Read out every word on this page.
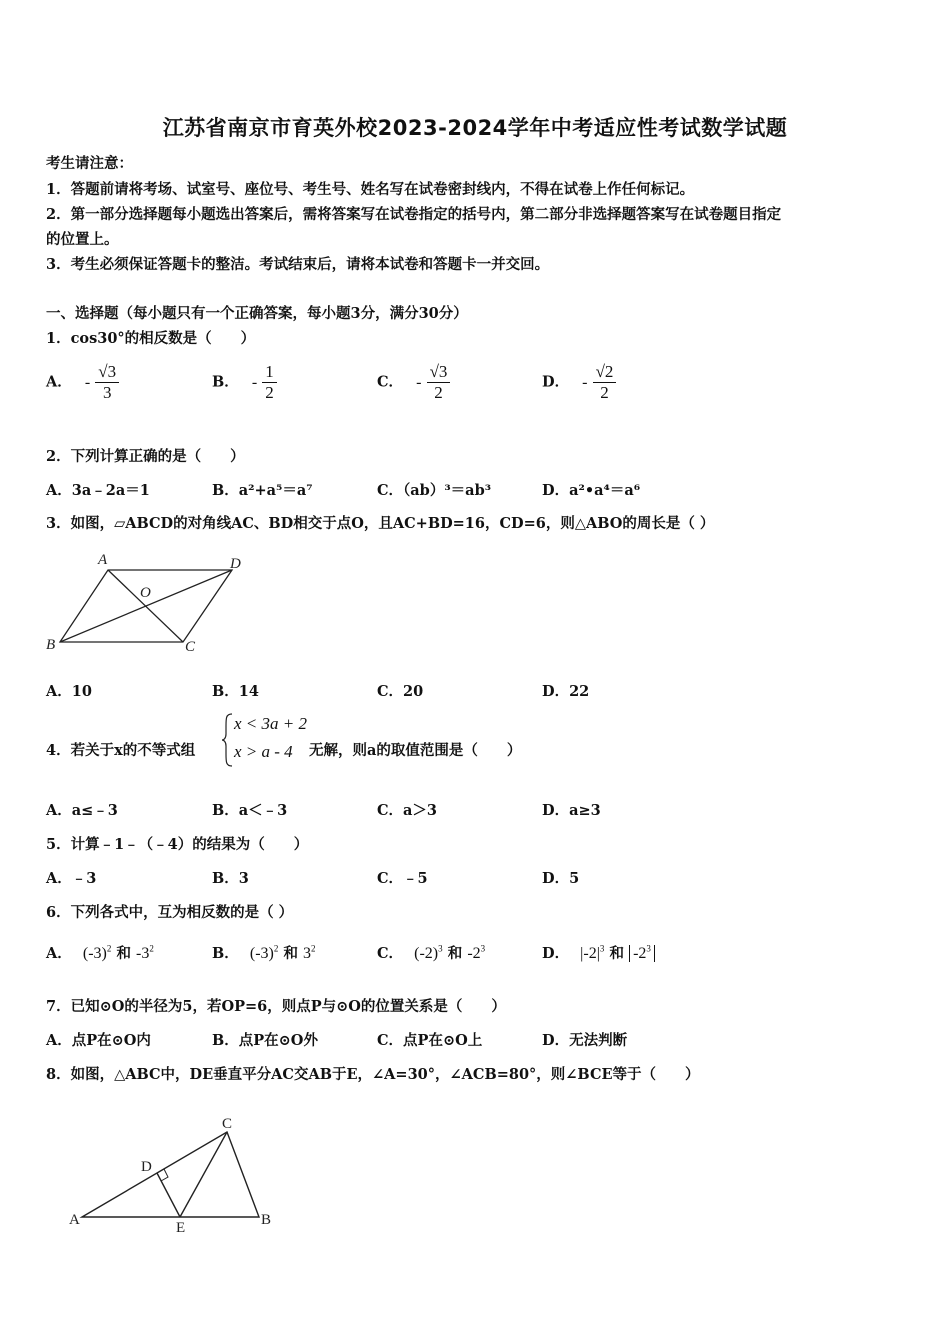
江苏省南京市育英外校2023-2024学年中考适应性考试数学试题
考生请注意：
1．答题前请将考场、试室号、座位号、考生号、姓名写在试卷密封线内，不得在试卷上作任何标记。
2．第一部分选择题每小题选出答案后，需将答案写在试卷指定的括号内，第二部分非选择题答案写在试卷题目指定
的位置上。
3．考生必须保证答题卡的整洁。考试结束后，请将本试卷和答题卡一并交回。
一、选择题（每小题只有一个正确答案，每小题3分，满分30分）
1．cos30°的相反数是（　　）
A． - $\frac{√3}{3}$	B． - $\frac{1}{2}$	C． - $\frac{√3}{2}$	D． - $\frac{√2}{2}$
2．下列计算正确的是（　　）
A．3a﹣2a＝1	B．a²+a⁵＝a⁷	C．（ab）³＝ab³	D．a²•a⁴＝a⁶
3．如图，▱ABCD的对角线AC、BD相交于点O，且AC+BD=16，CD=6，则△ABO的周长是（ ）
A	D
O
B	C
A．10	B．14	C．20	D．22
4．若关于x的不等式组
x < 3a + 2
x > a - 4 无解，则a的取值范围是（　　）
A．a≤﹣3	B．a＜﹣3	C．a＞3	D．a≥3
5．计算﹣1﹣（﹣4）的结果为（　　）
A．﹣3	B．3	C．﹣5	D．5
6．下列各式中，互为相反数的是（ ）
A． $(-3)^2$ 和 $-3^2$	B． $(-3)^2$ 和 $3^2$	C． $(-2)^3$ 和 $-2^3$	D． $|-2|^3$ 和 $-2^3$
7．已知⊙O的半径为5，若OP=6，则点P与⊙O的位置关系是（　　）
A．点P在⊙O内	B．点P在⊙O外	C．点P在⊙O上	D．无法判断
8．如图，△ABC中，DE垂直平分AC交AB于E，∠A=30°，∠ACB=80°，则∠BCE等于（　　）
C
D
A	E	B
